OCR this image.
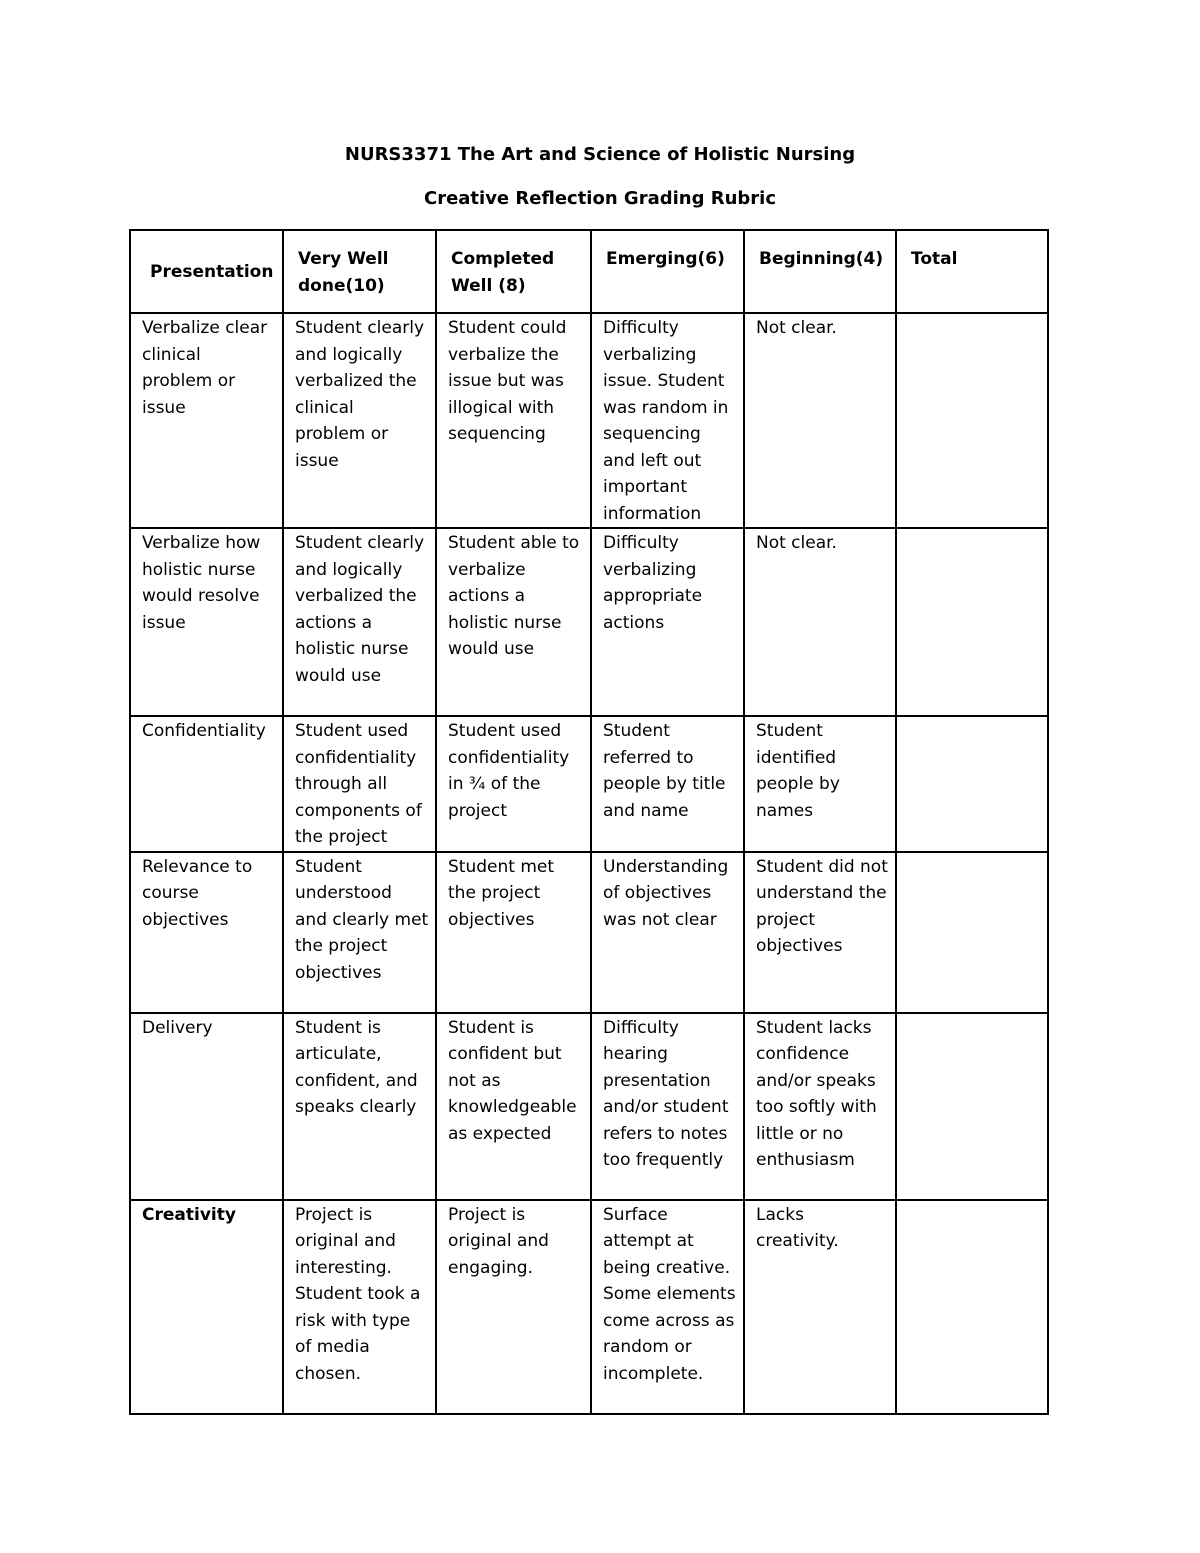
NURS3371 The Art and Science of Holistic Nursing
Creative Reflection Grading Rubric
Presentation	Very Well done(10)	Completed Well (8)	Emerging(6)	Beginning(4)	Total
Verbalize clear clinical problem or issue	Student clearly and logically verbalized the clinical problem or issue	Student could verbalize the issue but was illogical with sequencing	Difficulty verbalizing issue. Student was random in sequencing and left out important information	Not clear.	
Verbalize how holistic nurse would resolve issue	Student clearly and logically verbalized the actions a holistic nurse would use	Student able to verbalize actions a holistic nurse would use	Difficulty verbalizing appropriate actions	Not clear.	
Confidentiality	Student used confidentiality through all components of the project	Student used confidentiality in ¾ of the project	Student referred to people by title and name	Student identified people by names	
Relevance to course objectives	Student understood and clearly met the project objectives	Student met the project objectives	Understanding of objectives was not clear	Student did not understand the project objectives	
Delivery	Student is articulate, confident, and speaks clearly	Student is confident but not as knowledgeable as expected	Difficulty hearing presentation and/or student refers to notes too frequently	Student lacks confidence and/or speaks too softly with little or no enthusiasm	
Creativity	Project is original and interesting. Student took a risk with type of media chosen.	Project is original and engaging.	Surface attempt at being creative. Some elements come across as random or incomplete.	Lacks creativity.	
